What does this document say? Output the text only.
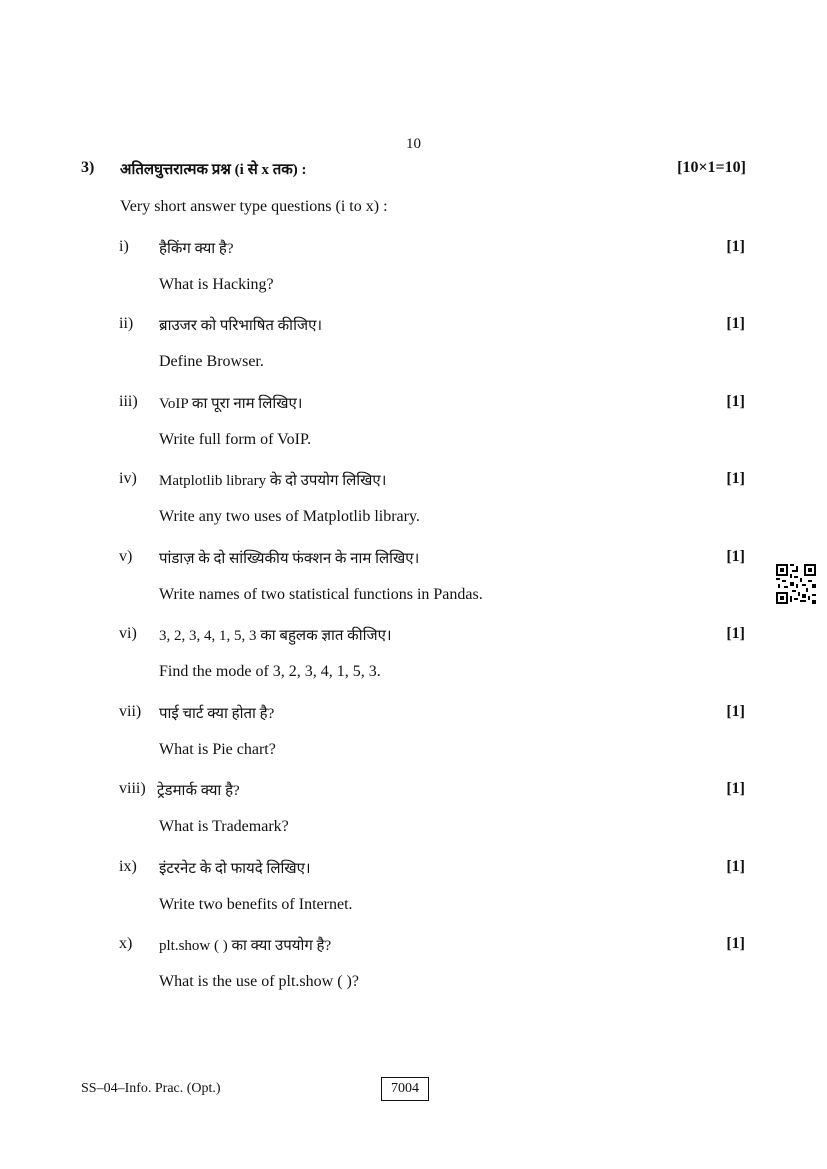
10
3) अतिलघुत्तरात्मक प्रश्न (i से x तक) :	[10×1=10]
Very short answer type questions (i to x) :
i) हैकिंग क्या है?	[1]
What is Hacking?
ii) ब्राउजर को परिभाषित कीजिए।	[1]
Define Browser.
iii) VoIP का पूरा नाम लिखिए।	[1]
Write full form of VoIP.
iv) Matplotlib library के दो उपयोग लिखिए।	[1]
Write any two uses of Matplotlib library.
v) पांडाज़ के दो सांख्यिकीय फंक्शन के नाम लिखिए।	[1]
Write names of two statistical functions in Pandas.
vi) 3, 2, 3, 4, 1, 5, 3 का बहुलक ज्ञात कीजिए।	[1]
Find the mode of 3, 2, 3, 4, 1, 5, 3.
vii) पाई चार्ट क्या होता है?	[1]
What is Pie chart?
viii) ट्रेडमार्क क्या है?	[1]
What is Trademark?
ix) इंटरनेट के दो फायदे लिखिए।	[1]
Write two benefits of Internet.
x) plt.show ( ) का क्या उपयोग है?	[1]
What is the use of plt.show ( )?
SS–04–Info. Prac. (Opt.)	7004
